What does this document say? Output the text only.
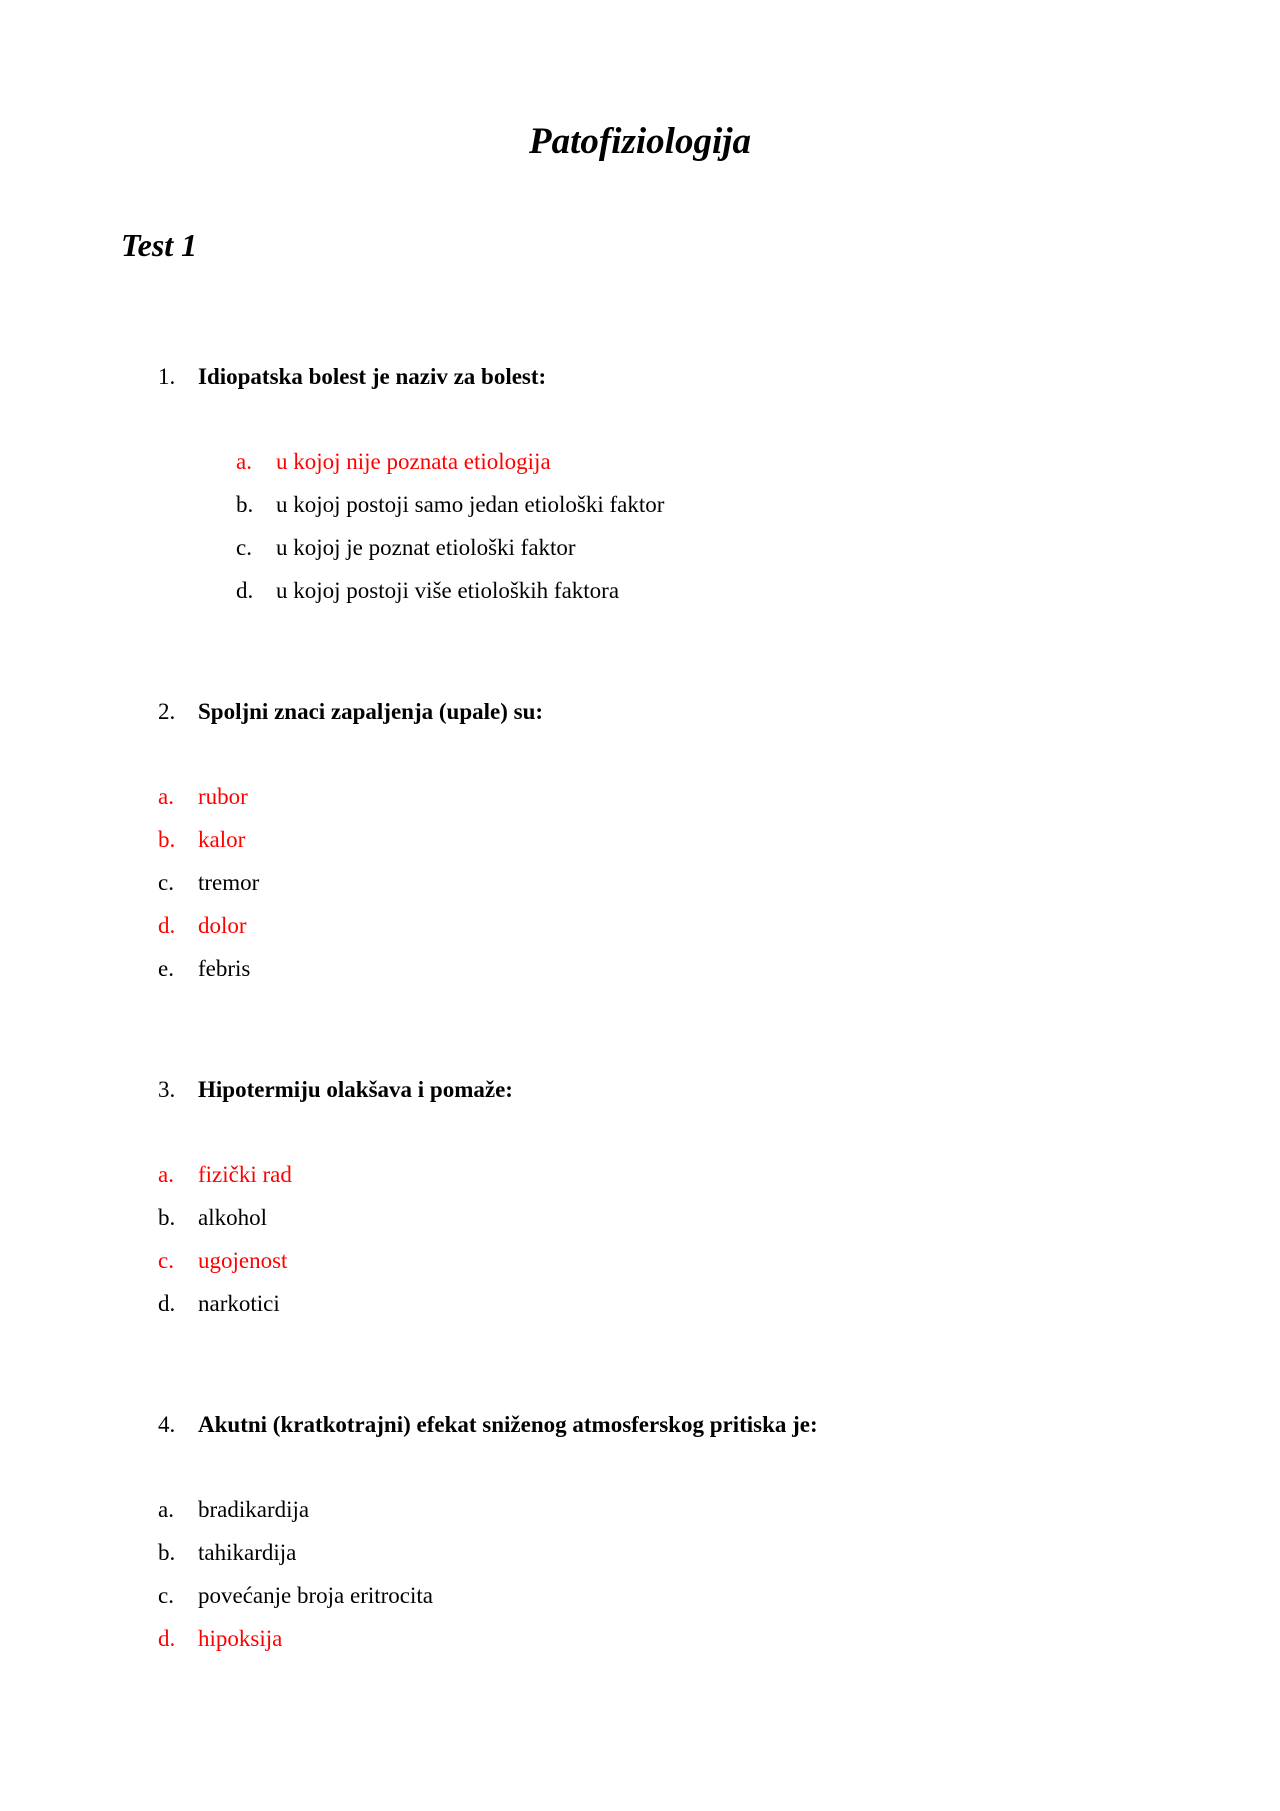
Patofiziologija
Test 1
1. Idiopatska bolest je naziv za bolest:
a. u kojoj nije poznata etiologija
b. u kojoj postoji samo jedan etiološki faktor
c. u kojoj je poznat etiološki faktor
d. u kojoj postoji više etioloških faktora
2. Spoljni znaci zapaljenja (upale) su:
a. rubor
b. kalor
c. tremor
d. dolor
e. febris
3. Hipotermiju olakšava i pomaže:
a. fizički rad
b. alkohol
c. ugojenost
d. narkotici
4. Akutni (kratkotrajni) efekat sniženog atmosferskog pritiska je:
a. bradikardija
b. tahikardija
c. povećanje broja eritrocita
d. hipoksija
